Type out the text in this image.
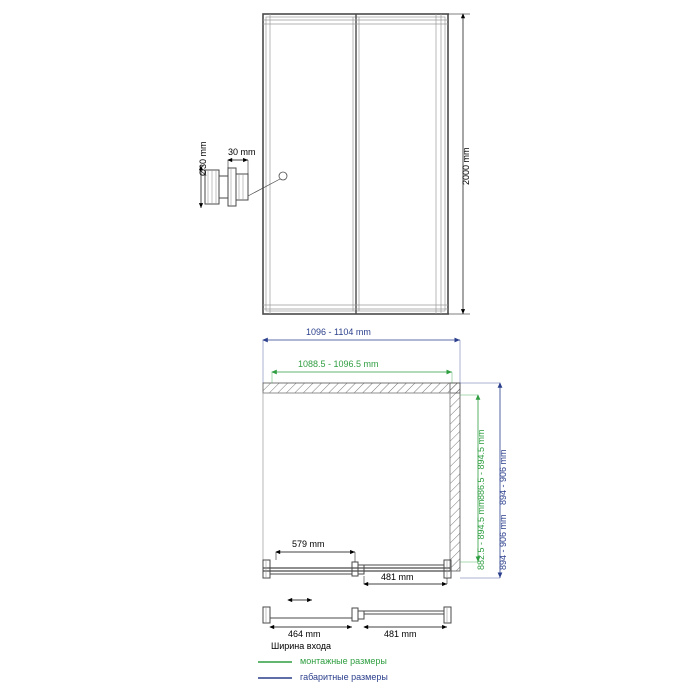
2000 mm
Ø30 mm 30 mm
1096 - 1104 mm
1088.5 - 1096.5 mm
886.5 - 894.5 mm 894 - 906 mm
882.5 - 894.5 mm 894 - 906 mm
579 mm
481 mm
464 mm
Ширина входа
481 mm
монтажные размеры
габаритные размеры
